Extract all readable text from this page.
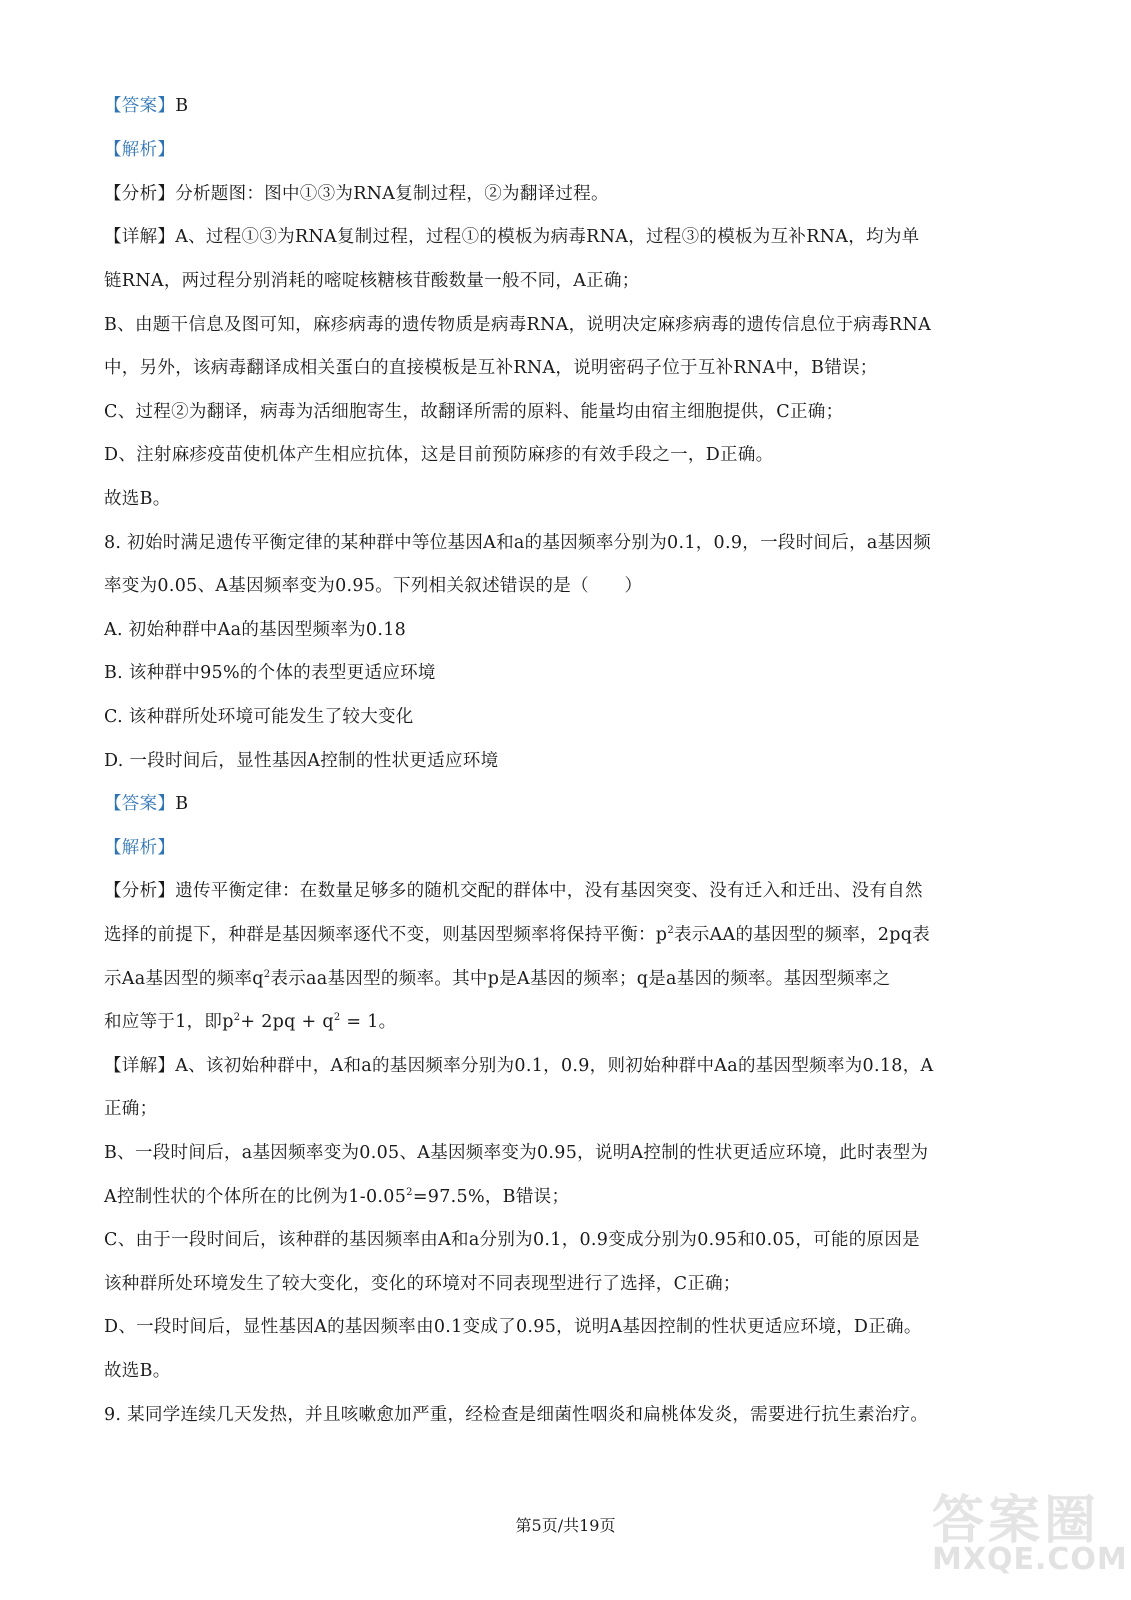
【答案】B
【解析】
【分析】分析题图：图中①③为RNA复制过程，②为翻译过程。
【详解】A、过程①③为RNA复制过程，过程①的模板为病毒RNA，过程③的模板为互补RNA，均为单
链RNA，两过程分别消耗的嘧啶核糖核苷酸数量一般不同，A正确；
B、由题干信息及图可知，麻疹病毒的遗传物质是病毒RNA，说明决定麻疹病毒的遗传信息位于病毒RNA
中，另外，该病毒翻译成相关蛋白的直接模板是互补RNA，说明密码子位于互补RNA中，B错误；
C、过程②为翻译，病毒为活细胞寄生，故翻译所需的原料、能量均由宿主细胞提供，C正确；
D、注射麻疹疫苗使机体产生相应抗体，这是目前预防麻疹的有效手段之一，D正确。
故选B。
8. 初始时满足遗传平衡定律的某种群中等位基因A和a的基因频率分别为0.1，0.9，一段时间后，a基因频
率变为0.05、A基因频率变为0.95。下列相关叙述错误的是（　　）
A. 初始种群中Aa的基因型频率为0.18
B. 该种群中95%的个体的表型更适应环境
C. 该种群所处环境可能发生了较大变化
D. 一段时间后，显性基因A控制的性状更适应环境
【答案】B
【解析】
【分析】遗传平衡定律：在数量足够多的随机交配的群体中，没有基因突变、没有迁入和迁出、没有自然
选择的前提下，种群是基因频率逐代不变，则基因型频率将保持平衡：$p^2$表示AA的基因型的频率，2pq表
示Aa基因型的频率$q^2$表示aa基因型的频率。其中p是A基因的频率；q是a基因的频率。基因型频率之
和应等于1，即$p^2+ 2pq + q^2 = 1$。
【详解】A、该初始种群中，A和a的基因频率分别为0.1，0.9，则初始种群中Aa的基因型频率为0.18，A
正确；
B、一段时间后，a基因频率变为0.05、A基因频率变为0.95，说明A控制的性状更适应环境，此时表型为
A控制性状的个体所在的比例为$1-0.05^2=97.5\%$，B错误；
C、由于一段时间后，该种群的基因频率由A和a分别为0.1，0.9变成分别为0.95和0.05，可能的原因是
该种群所处环境发生了较大变化，变化的环境对不同表现型进行了选择，C正确；
D、一段时间后，显性基因A的基因频率由0.1变成了0.95，说明A基因控制的性状更适应环境，D正确。
故选B。
9. 某同学连续几天发热，并且咳嗽愈加严重，经检查是细菌性咽炎和扁桃体发炎，需要进行抗生素治疗。
第5页/共19页	答案圈
MXQE.COM
